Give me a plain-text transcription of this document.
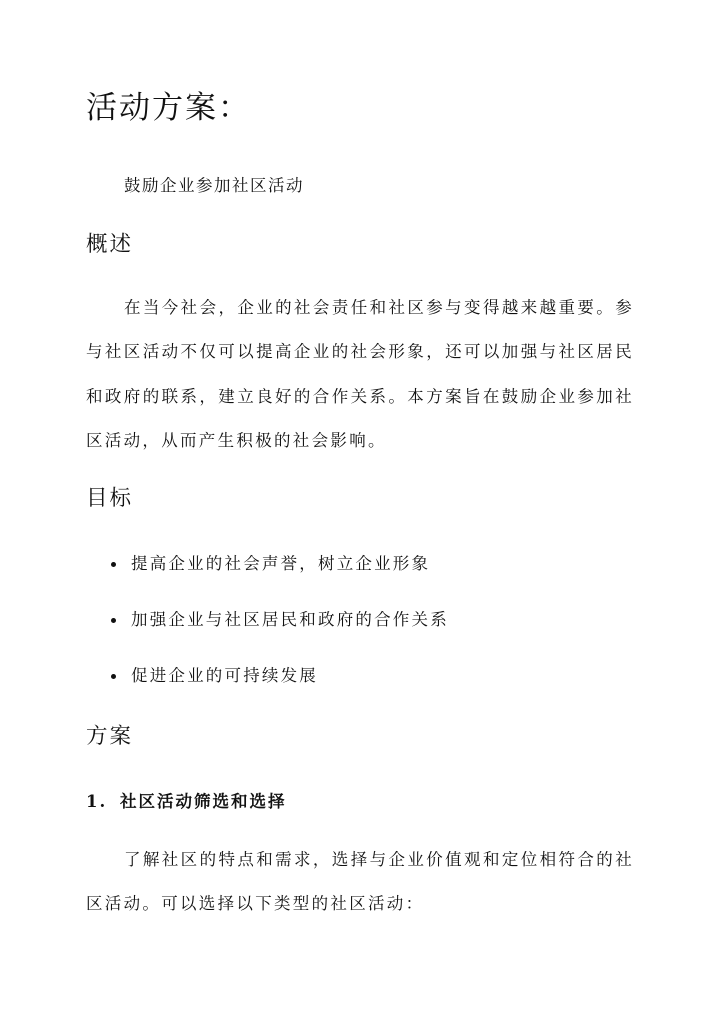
活动方案：
鼓励企业参加社区活动
概述

在当今社会，企业的社会责任和社区参与变得越来越重要。参与社区活动不仅可以提高企业的社会形象，还可以加强与社区居民和政府的联系，建立良好的合作关系。本方案旨在鼓励企业参加社区活动，从而产生积极的社会影响。

目标
提高企业的社会声誉，树立企业形象
加强企业与社区居民和政府的合作关系
促进企业的可持续发展
方案
1. 社区活动筛选和选择

了解社区的特点和需求，选择与企业价值观和定位相符合的社区活动。可以选择以下类型的社区活动：
